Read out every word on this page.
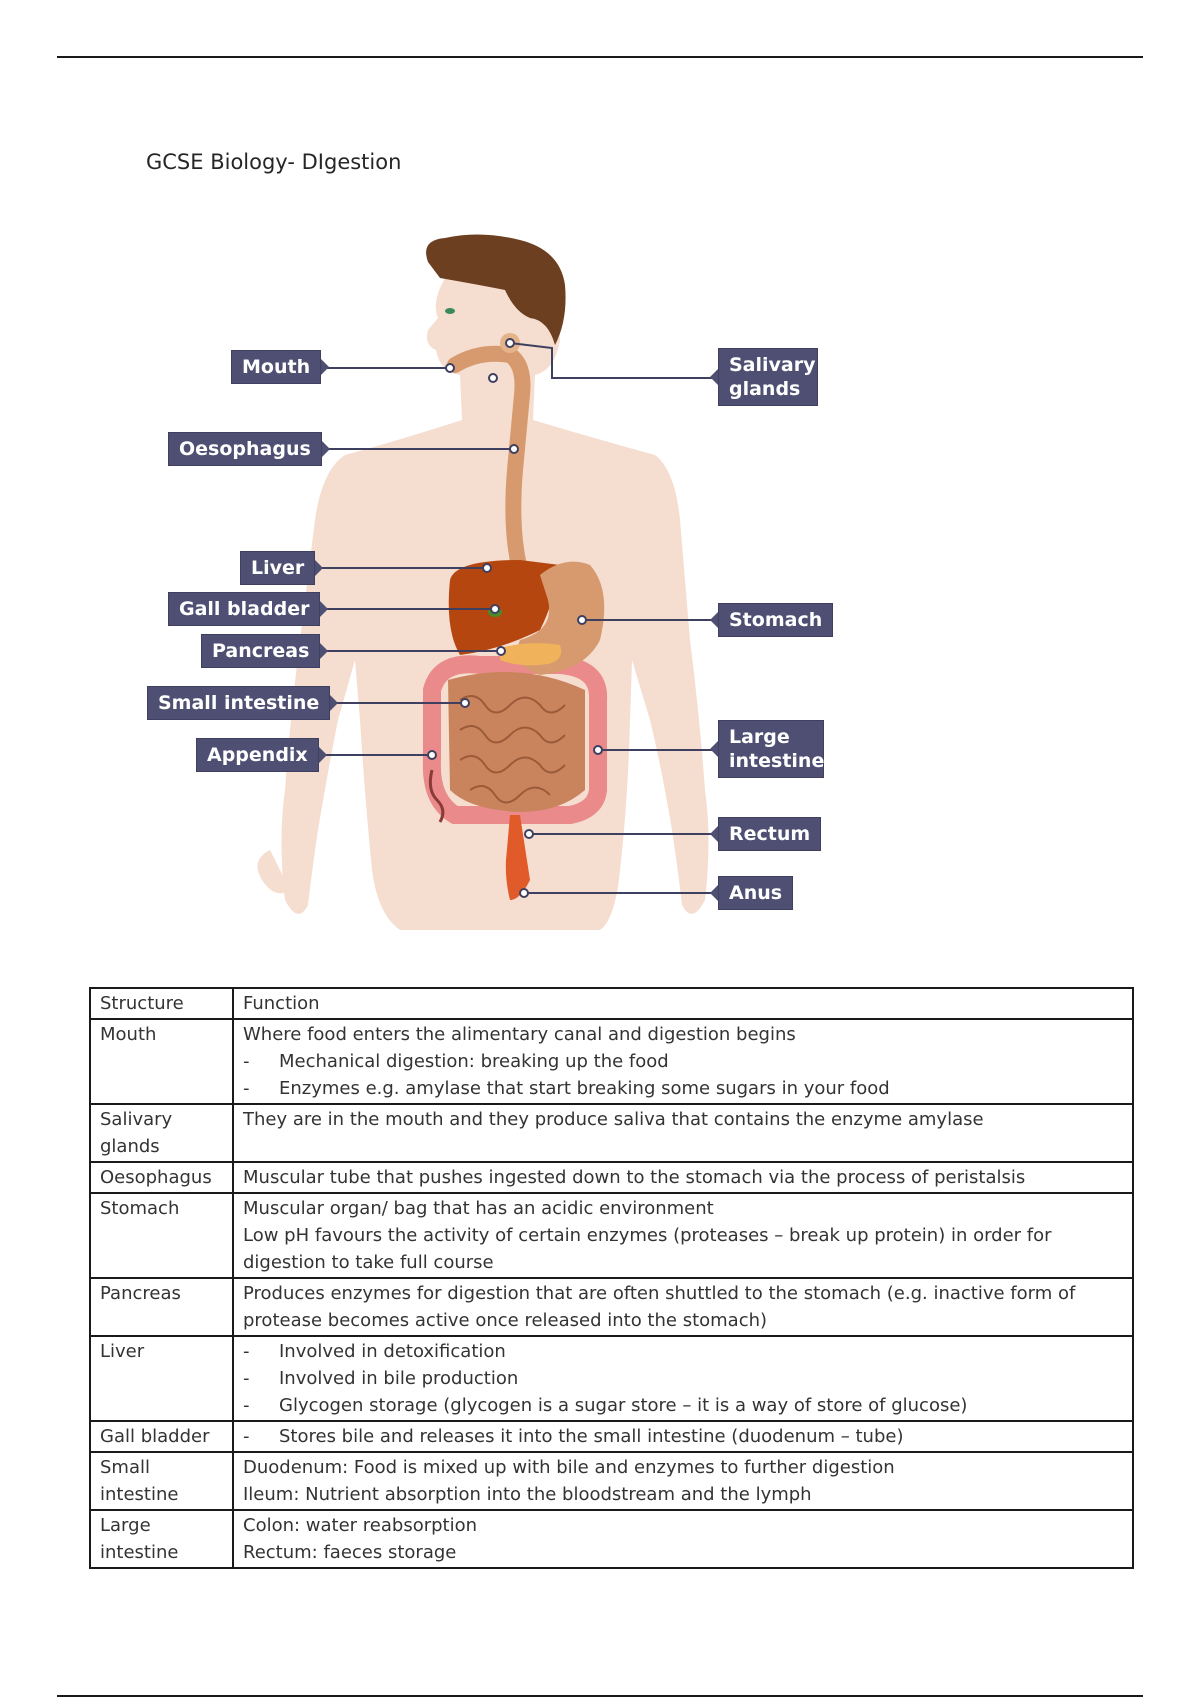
GCSE Biology- DIgestion
Mouth	Salivary glands
Oesophagus
Liver
Gall bladder	Stomach
Pancreas
Small intestine
Large intestine
Appendix
Rectum
Anus
Structure	Function
Mouth	Where food enters the alimentary canal and digestion begins
- Mechanical digestion: breaking up the food
- Enzymes e.g. amylase that start breaking some sugars in your food

Salivary glands	They are in the mouth and they produce saliva that contains the enzyme amylase

Oesophagus	Muscular tube that pushes ingested down to the stomach via the process of peristalsis

Stomach	Muscular organ/ bag that has an acidic environment
Low pH favours the activity of certain enzymes (proteases – break up protein) in order for digestion to take full course

Pancreas	Produces enzymes for digestion that are often shuttled to the stomach (e.g. inactive form of protease becomes active once released into the stomach)

Liver	- Involved in detoxification
- Involved in bile production
- Glycogen storage (glycogen is a sugar store – it is a way of store of glucose)

Gall bladder	- Stores bile and releases it into the small intestine (duodenum – tube)

Small intestine	Duodenum: Food is mixed up with bile and enzymes to further digestion
Ileum: Nutrient absorption into the bloodstream and the lymph

Large intestine	Colon: water reabsorption
Rectum: faeces storage
